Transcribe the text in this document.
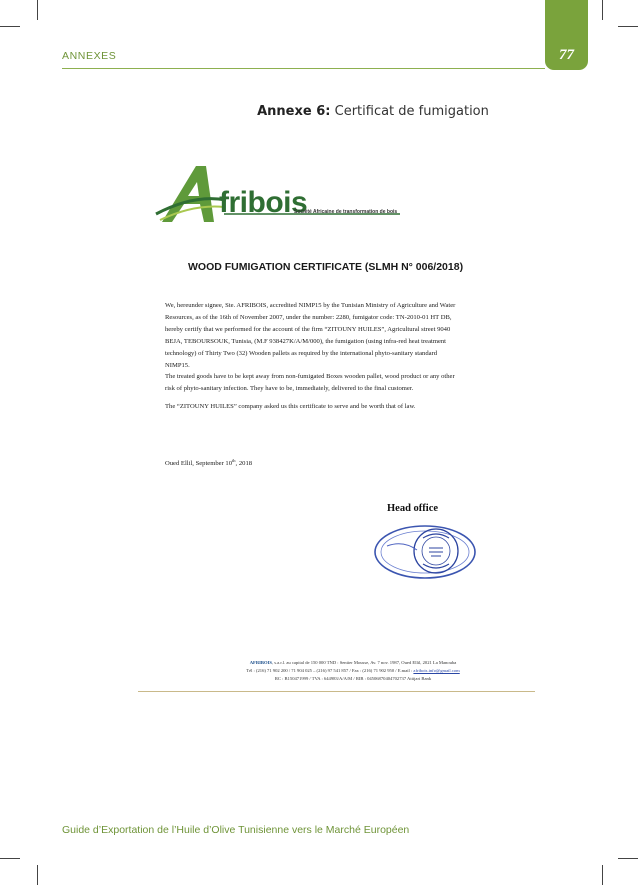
ANNEXES	77
Annexe 6: Certificat de fumigation
fribois
Société Africaine de transformation de bois
WOOD FUMIGATION CERTIFICATE (SLMH N° 006/2018)
We, hereunder signee, Ste. AFRIBOIS, accredited NIMP15 by the Tunisian Ministry of Agriculture and Water
Resources, as of the 16th of November 2007, under the number: 2280, fumigator code: TN-2010-01 HT DB,
hereby certify that we performed for the account of the firm “ZITOUNY HUILES”, Agricultural street 9040
BEJA, TEBOURSOUK, Tunisia, (M.F 938427K/A/M/000), the fumigation (using infra-red heat treatment
technology) of Thirty Two (32) Wooden pallets as required by the international phyto-sanitary standard
NIMP15.
The treated goods have to be kept away from non-fumigated Boxes wooden pallet, wood product or any other
risk of phyto-sanitary infection. They have to be, immediately, delivered to the final customer.
The “ZITOUNY HUILES” company asked us this certificate to serve and be worth that of law.
Oued Ellil, September 10th, 2018
Head office
AFRIBOIS, s.a.r.l. au capital de 150 000 TND : Sentier Mousse, Av. 7 nov. 1987, Oued Ellil, 2021 La Manouba
Tél : (216) 71 902 200 / 71 904 025 – (216) 97 541 857 / Fax : (216) 71 902 950 / E.mail : afribois.info@gmail.com
RC : B150471999 / TVA : 644983/A/A/M / RIB : 04506870404702737 Attijari Bank
Guide d’Exportation de l’Huile d’Olive Tunisienne vers le Marché Européen
